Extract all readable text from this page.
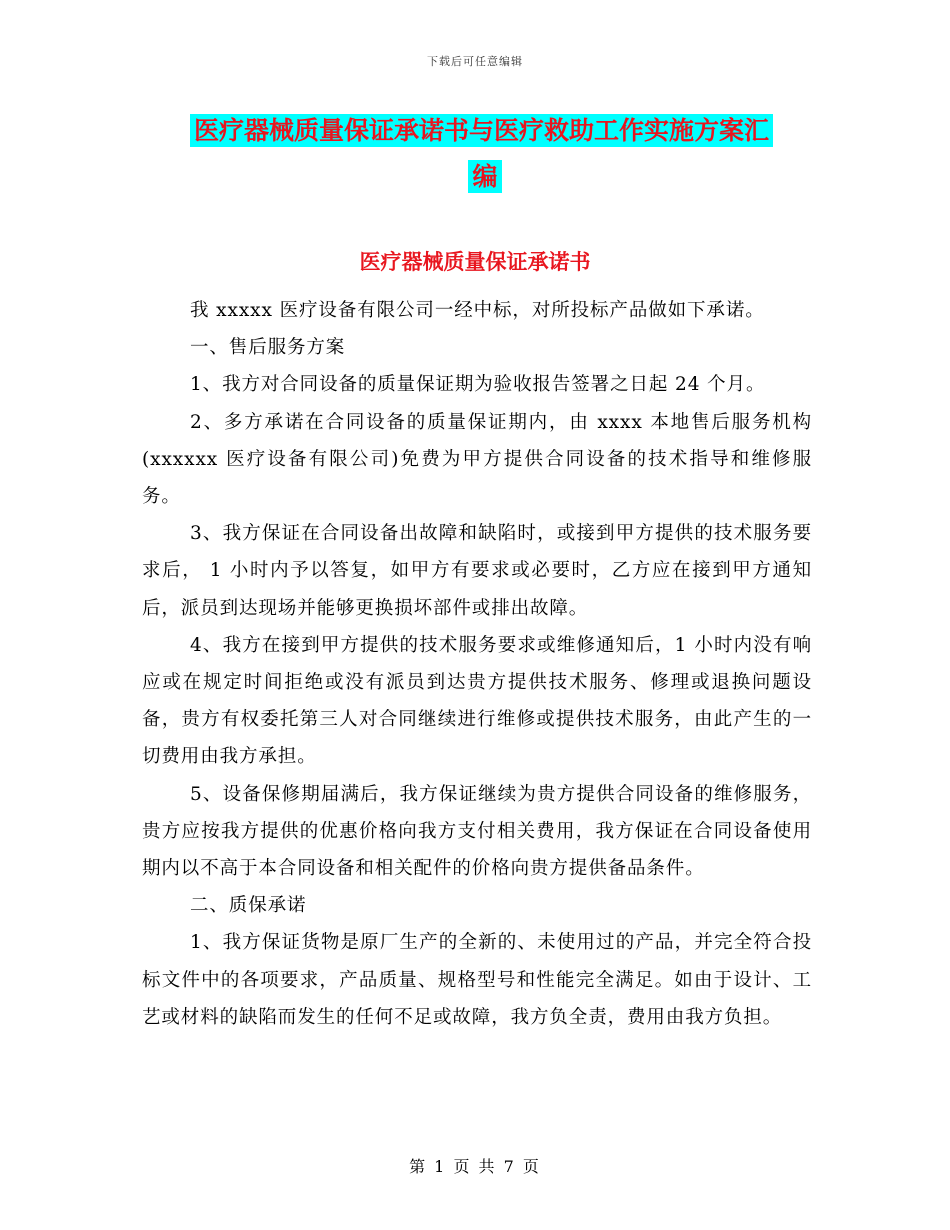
下载后可任意编辑
医疗器械质量保证承诺书与医疗救助工作实施方案汇
编
医疗器械质量保证承诺书

我 xxxxx 医疗设备有限公司一经中标，对所投标产品做如下承诺。

一、售后服务方案

1、我方对合同设备的质量保证期为验收报告签署之日起 24 个月。

2、多方承诺在合同设备的质量保证期内，由 xxxx 本地售后服务机构(xxxxxx 医疗设备有限公司)免费为甲方提供合同设备的技术指导和维修服务。

3、我方保证在合同设备出故障和缺陷时，或接到甲方提供的技术服务要求后， 1 小时内予以答复，如甲方有要求或必要时，乙方应在接到甲方通知后，派员到达现场并能够更换损坏部件或排出故障。

4、我方在接到甲方提供的技术服务要求或维修通知后，1 小时内没有响应或在规定时间拒绝或没有派员到达贵方提供技术服务、修理或退换问题设备，贵方有权委托第三人对合同继续进行维修或提供技术服务，由此产生的一切费用由我方承担。

5、设备保修期届满后，我方保证继续为贵方提供合同设备的维修服务，贵方应按我方提供的优惠价格向我方支付相关费用，我方保证在合同设备使用期内以不高于本合同设备和相关配件的价格向贵方提供备品条件。

二、质保承诺

1、我方保证货物是原厂生产的全新的、未使用过的产品，并完全符合投标文件中的各项要求，产品质量、规格型号和性能完全满足。如由于设计、工艺或材料的缺陷而发生的任何不足或故障，我方负全责，费用由我方负担。

第 1 页 共 7 页
